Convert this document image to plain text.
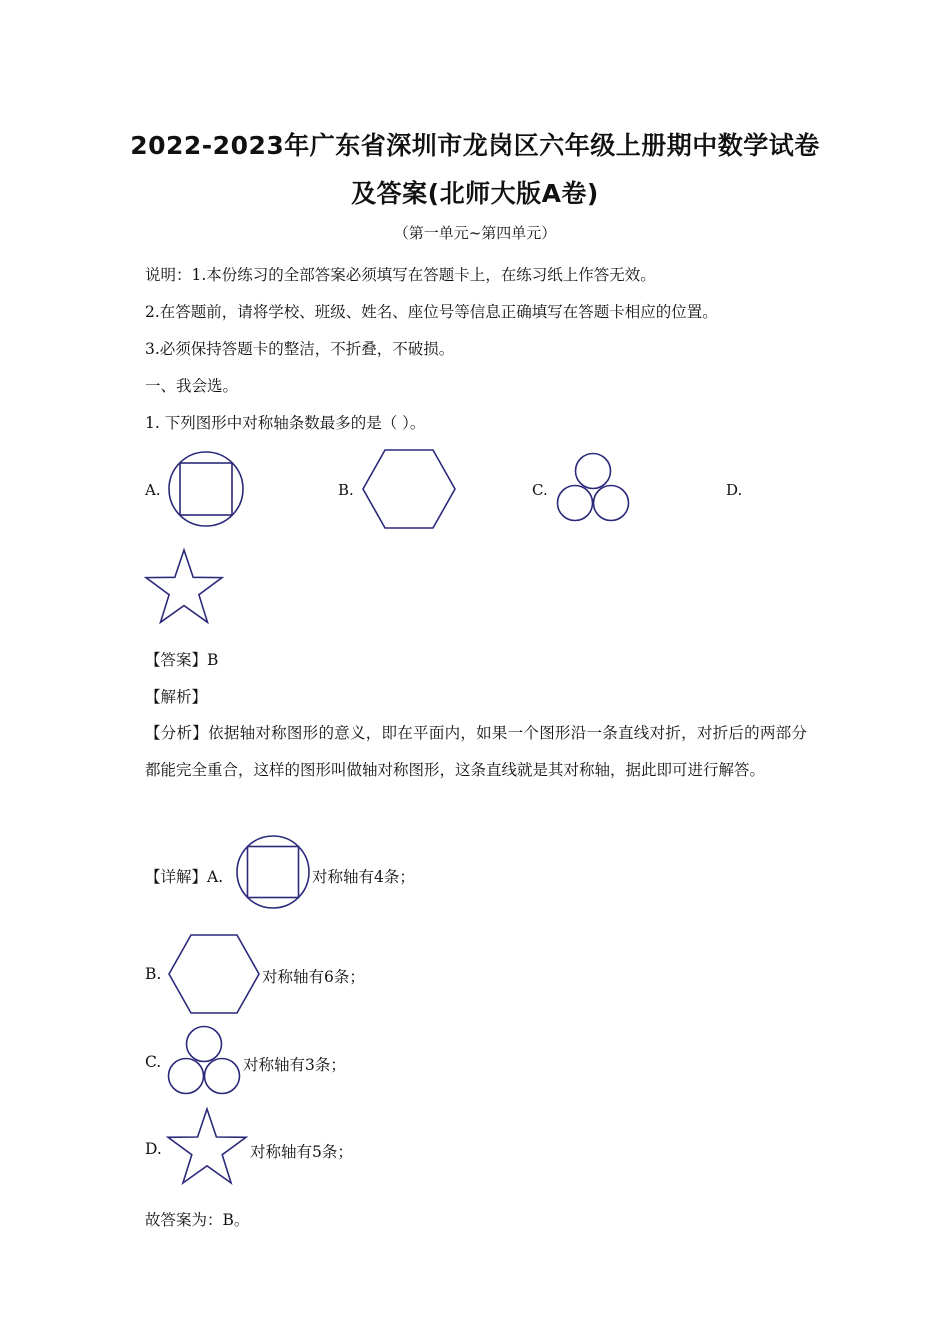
2022-2023年广东省深圳市龙岗区六年级上册期中数学试卷
及答案(北师大版A卷)
（第一单元~第四单元）
说明：1.本份练习的全部答案必须填写在答题卡上，在练习纸上作答无效。
2.在答题前，请将学校、班级、姓名、座位号等信息正确填写在答题卡相应的位置。
3.必须保持答题卡的整洁，不折叠，不破损。
一、我会选。
1. 下列图形中对称轴条数最多的是（ ）。
A.	B.	C.	D.
【答案】B
【解析】
【分析】依据轴对称图形的意义，即在平面内，如果一个图形沿一条直线对折，对折后的两部分都能完全重合，这样的图形叫做轴对称图形，这条直线就是其对称轴，据此即可进行解答。
【详解】A.	对称轴有4条；
B.	对称轴有6条；
C.	对称轴有3条；
D.	对称轴有5条；
故答案为：B。
